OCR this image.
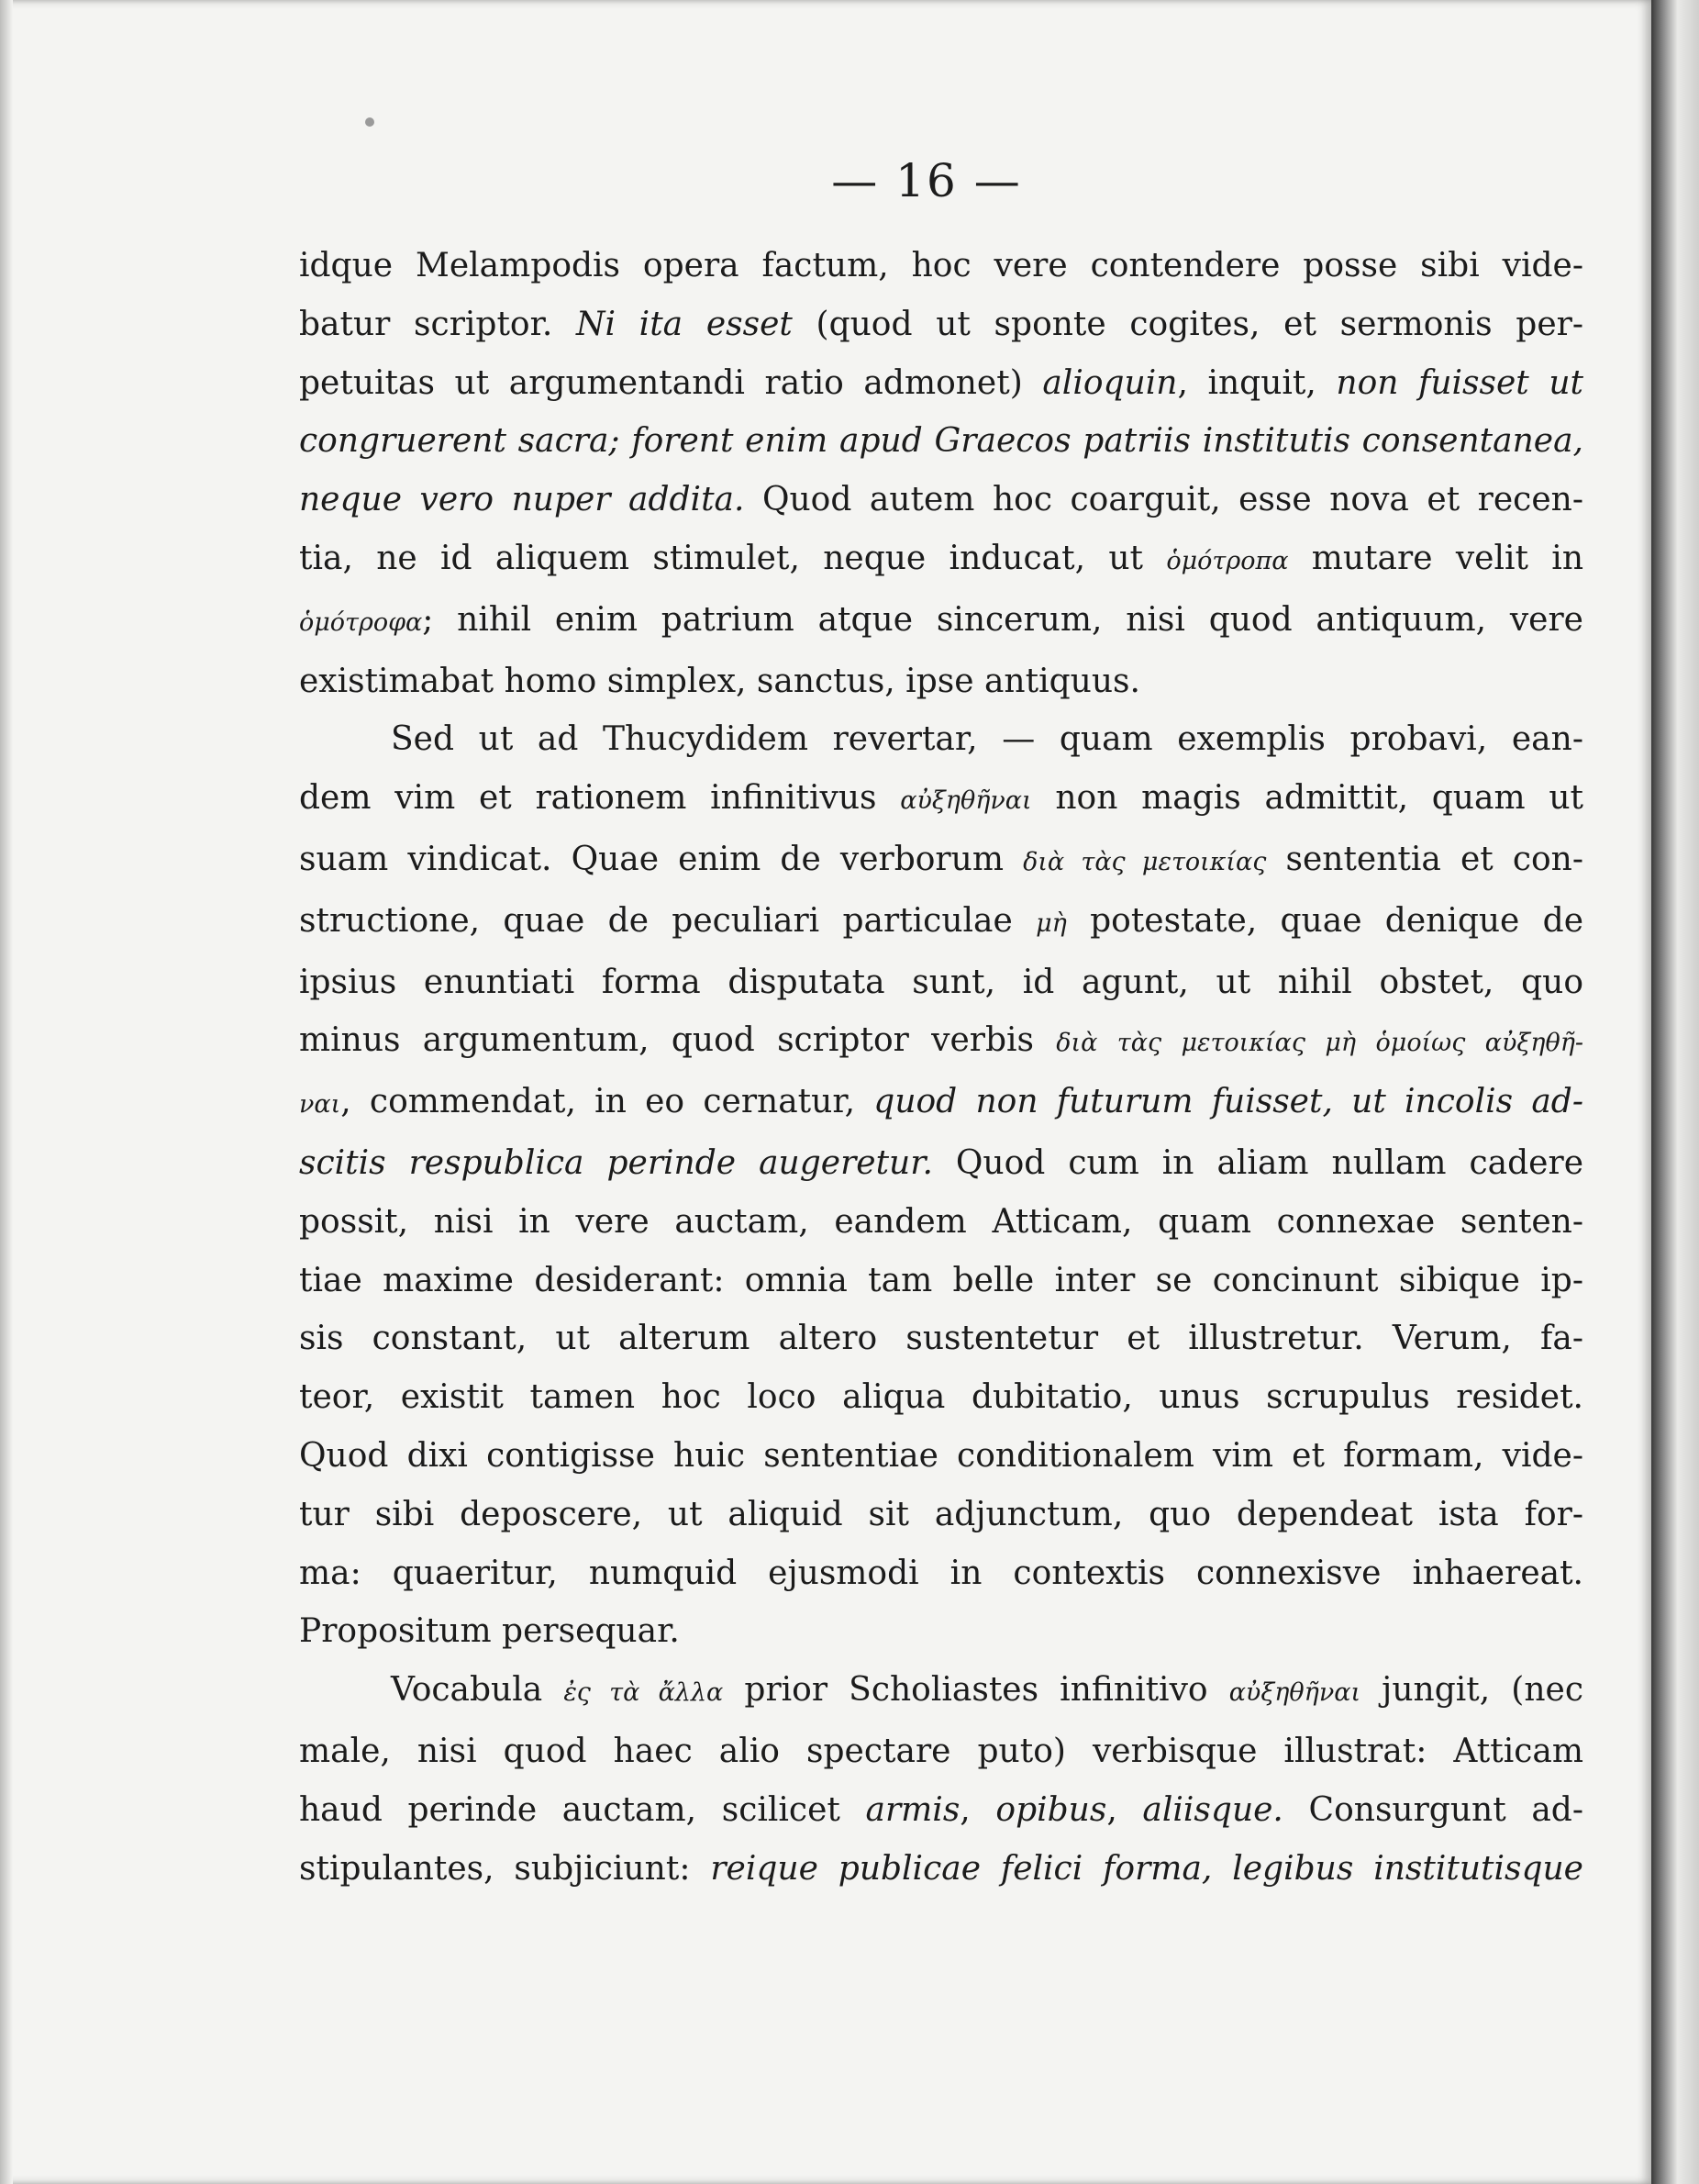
— 16 —
idque Melampodis opera factum, hoc vere contendere posse sibi vide-
batur scriptor. Ni ita esset (quod ut sponte cogites, et sermonis per-
petuitas ut argumentandi ratio admonet) alioquin, inquit, non fuisset ut
congruerent sacra; forent enim apud Graecos patriis institutis consentanea,
neque vero nuper addita. Quod autem hoc coarguit, esse nova et recen-
tia, ne id aliquem stimulet, neque inducat, ut ὁμότροπα mutare velit in
ὁμότροφα; nihil enim patrium atque sincerum, nisi quod antiquum, vere
existimabat homo simplex, sanctus, ipse antiquus.
Sed ut ad Thucydidem revertar, — quam exemplis probavi, ean-
dem vim et rationem infinitivus αὐξηθῆναι non magis admittit, quam ut
suam vindicat. Quae enim de verborum διὰ τὰς μετοικίας sententia et con-
structione, quae de peculiari particulae μὴ potestate, quae denique de
ipsius enuntiati forma disputata sunt, id agunt, ut nihil obstet, quo
minus argumentum, quod scriptor verbis διὰ τὰς μετοικίας μὴ ὁμοίως αὐξηθῆ-
ναι, commendat, in eo cernatur, quod non futurum fuisset, ut incolis ad-
scitis respublica perinde augeretur. Quod cum in aliam nullam cadere
possit, nisi in vere auctam, eandem Atticam, quam connexae senten-
tiae maxime desiderant: omnia tam belle inter se concinunt sibique ip-
sis constant, ut alterum altero sustentetur et illustretur. Verum, fa-
teor, existit tamen hoc loco aliqua dubitatio, unus scrupulus residet.
Quod dixi contigisse huic sententiae conditionalem vim et formam, vide-
tur sibi deposcere, ut aliquid sit adjunctum, quo dependeat ista for-
ma: quaeritur, numquid ejusmodi in contextis connexisve inhaereat.
Propositum persequar.
Vocabula ἐς τὰ ἄλλα prior Scholiastes infinitivo αὐξηθῆναι jungit, (nec
male, nisi quod haec alio spectare puto) verbisque illustrat: Atticam
haud perinde auctam, scilicet armis, opibus, aliisque. Consurgunt ad-
stipulantes, subjiciunt: reique publicae felici forma, legibus institutisque
